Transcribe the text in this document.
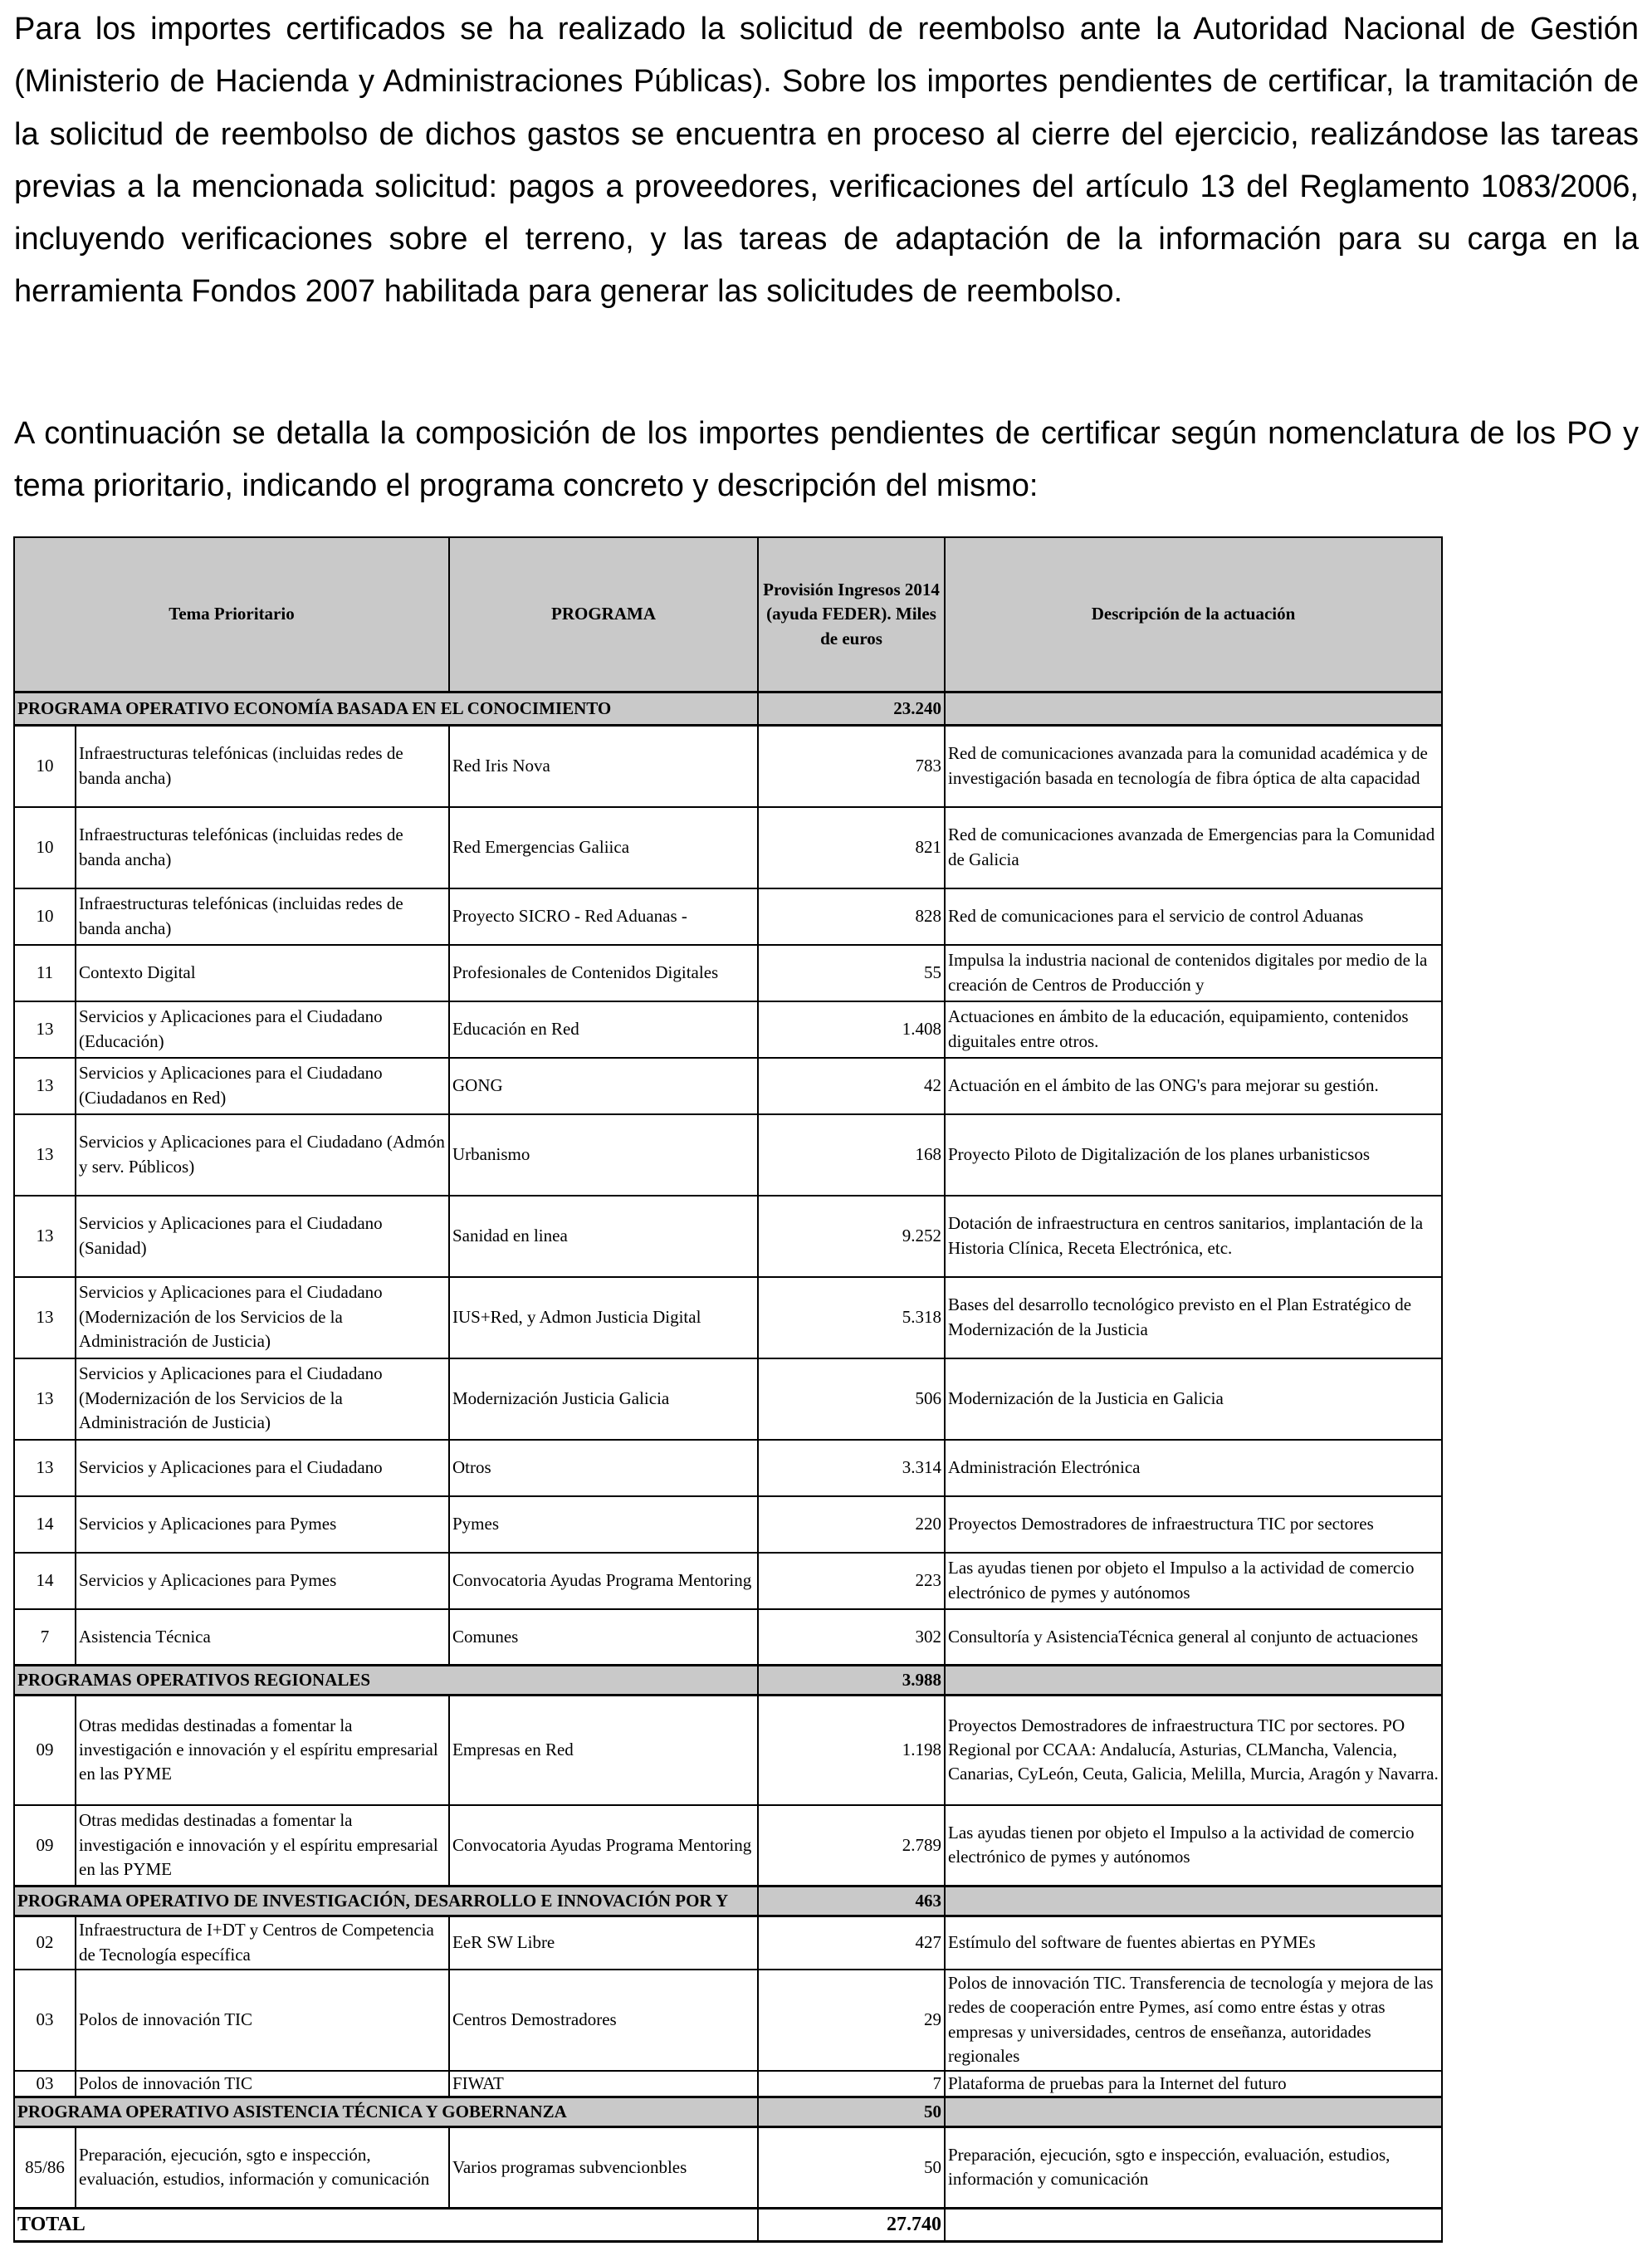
Para los importes certificados se ha realizado la solicitud de reembolso ante la Autoridad Nacional de Gestión (Ministerio de Hacienda y Administraciones Públicas). Sobre los importes pendientes de certificar, la tramitación de la solicitud de reembolso de dichos gastos se encuentra en proceso al cierre del ejercicio, realizándose las tareas previas a la mencionada solicitud: pagos a proveedores, verificaciones del artículo 13 del Reglamento 1083/2006, incluyendo verificaciones sobre el terreno, y las tareas de adaptación de la información para su carga en la herramienta Fondos 2007 habilitada para generar las solicitudes de reembolso.

A continuación se detalla la composición de los importes pendientes de certificar según nomenclatura de los PO y tema prioritario, indicando el programa concreto y descripción del mismo:

Tema Prioritario		PROGRAMA	Provisión Ingresos 2014 (ayuda FEDER). Miles de euros	Descripción de la actuación
PROGRAMA OPERATIVO ECONOMÍA BASADA EN EL CONOCIMIENTO			23.240	
10	Infraestructuras telefónicas (incluidas redes de banda ancha)	Red Iris Nova	783	Red de comunicaciones avanzada para la comunidad académica y de investigación basada en tecnología de fibra óptica de alta capacidad
10	Infraestructuras telefónicas (incluidas redes de banda ancha)	Red Emergencias Galiica	821	Red de comunicaciones avanzada de Emergencias para la Comunidad de Galicia
10	Infraestructuras telefónicas (incluidas redes de banda ancha)	Proyecto SICRO - Red Aduanas -	828	Red de comunicaciones para el servicio de control Aduanas
11	Contexto Digital	Profesionales de Contenidos Digitales	55	Impulsa la industria nacional de contenidos digitales por medio de la creación de Centros de Producción y
13	Servicios y Aplicaciones para el Ciudadano (Educación)	Educación en Red	1.408	Actuaciones en ámbito de la educación, equipamiento, contenidos diguitales entre otros.
13	Servicios y Aplicaciones para el Ciudadano (Ciudadanos en Red)	GONG	42	Actuación en el ámbito de las ONG's para mejorar su gestión.
13	Servicios y Aplicaciones para el Ciudadano (Admón y serv. Públicos)	Urbanismo	168	Proyecto Piloto de Digitalización de los planes urbanisticsos
13	Servicios y Aplicaciones para el Ciudadano (Sanidad)	Sanidad en linea	9.252	Dotación de infraestructura en centros sanitarios, implantación de la Historia Clínica, Receta Electrónica, etc.
13	Servicios y Aplicaciones para el Ciudadano (Modernización de los Servicios de la Administración de Justicia)	IUS+Red, y Admon Justicia Digital	5.318	Bases del desarrollo tecnológico previsto en el Plan Estratégico de Modernización de la Justicia
13	Servicios y Aplicaciones para el Ciudadano (Modernización de los Servicios de la Administración de Justicia)	Modernización Justicia Galicia	506	Modernización de la Justicia en Galicia
13	Servicios y Aplicaciones para el Ciudadano	Otros	3.314	Administración Electrónica
14	Servicios y Aplicaciones para Pymes	Pymes	220	Proyectos Demostradores de infraestructura TIC por sectores
14	Servicios y Aplicaciones para Pymes	Convocatoria Ayudas Programa Mentoring	223	Las ayudas tienen por objeto el Impulso a la actividad de comercio electrónico de pymes y autónomos
7	Asistencia Técnica	Comunes	302	Consultoría y AsistenciaTécnica general al conjunto de actuaciones
PROGRAMAS OPERATIVOS REGIONALES			3.988	
09	Otras medidas destinadas a fomentar la investigación e innovación y el espíritu empresarial en las PYME	Empresas en Red	1.198	Proyectos Demostradores de infraestructura TIC por sectores. PO Regional por CCAA: Andalucía, Asturias, CLMancha, Valencia, Canarias, CyLeón, Ceuta, Galicia, Melilla, Murcia, Aragón y Navarra.
09	Otras medidas destinadas a fomentar la investigación e innovación y el espíritu empresarial en las PYME	Convocatoria Ayudas Programa Mentoring	2.789	Las ayudas tienen por objeto el Impulso a la actividad de comercio electrónico de pymes y autónomos
PROGRAMA OPERATIVO DE INVESTIGACIÓN, DESARROLLO E INNOVACIÓN POR Y			463	
02	Infraestructura de I+DT y Centros de Competencia de Tecnología específica	EeR SW Libre	427	Estímulo del software de fuentes abiertas en PYMEs
03	Polos de innovación TIC	Centros Demostradores	29	Polos de innovación TIC. Transferencia de tecnología y mejora de las redes de cooperación entre Pymes, así como entre éstas y otras empresas y universidades, centros de enseñanza, autoridades regionales
03	Polos de innovación TIC	FIWAT	7	Plataforma de pruebas para la Internet del futuro
PROGRAMA OPERATIVO ASISTENCIA TÉCNICA Y GOBERNANZA			50	
85/86	Preparación, ejecución, sgto e inspección, evaluación, estudios, información y comunicación	Varios programas subvencionbles	50	Preparación, ejecución, sgto e inspección, evaluación, estudios, información y comunicación
TOTAL			27.740	
